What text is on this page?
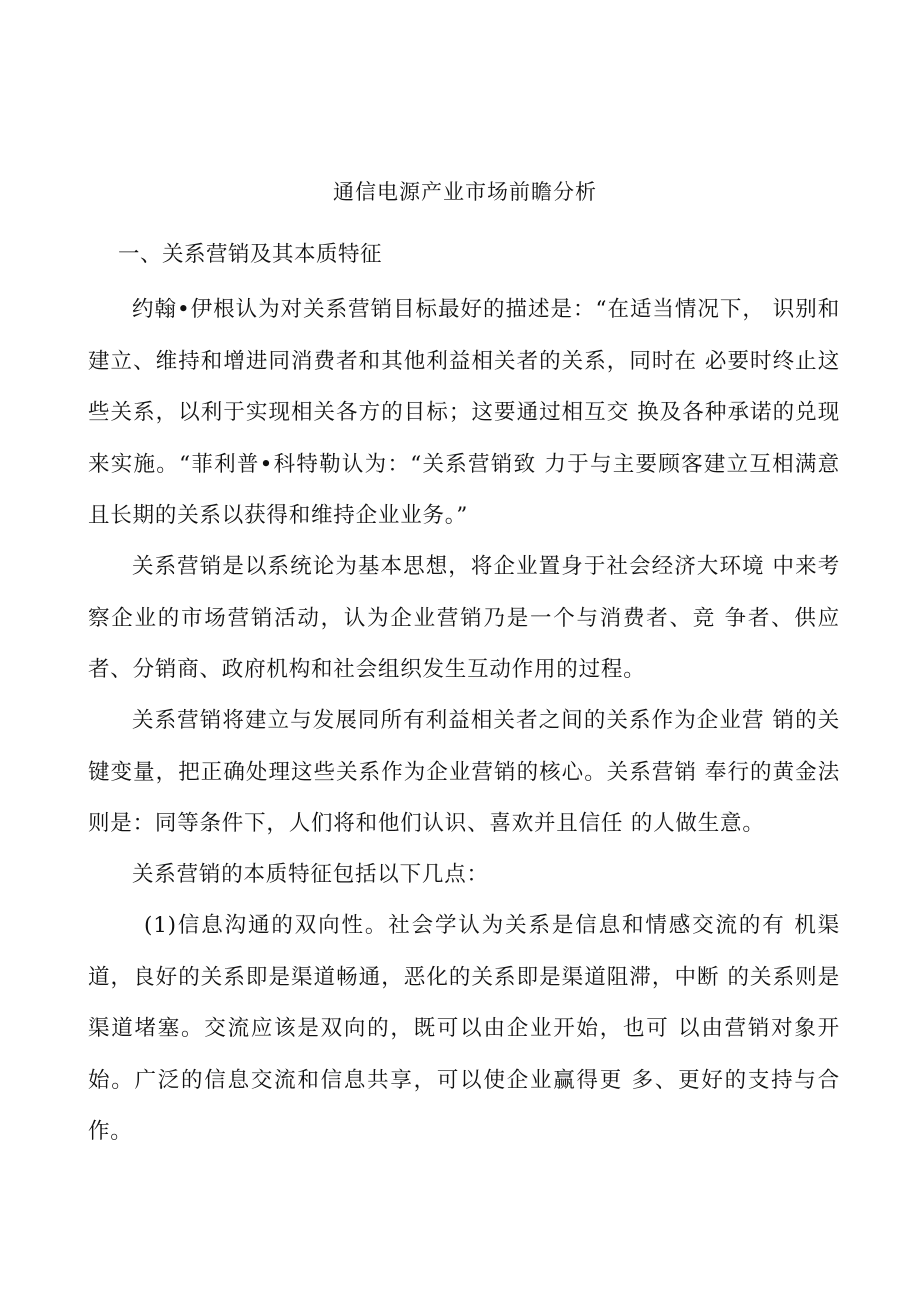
通信电源产业市场前瞻分析
一、关系营销及其本质特征

约翰•伊根认为对关系营销目标最好的描述是：“在适当情况下， 识别和建立、维持和增进同消费者和其他利益相关者的关系，同时在 必要时终止这些关系，以利于实现相关各方的目标；这要通过相互交 换及各种承诺的兑现来实施。“菲利普•科特勒认为：“关系营销致 力于与主要顾客建立互相满意且长期的关系以获得和维持企业业务。”

关系营销是以系统论为基本思想，将企业置身于社会经济大环境 中来考察企业的市场营销活动，认为企业营销乃是一个与消费者、竞 争者、供应者、分销商、政府机构和社会组织发生互动作用的过程。

关系营销将建立与发展同所有利益相关者之间的关系作为企业营 销的关键变量，把正确处理这些关系作为企业营销的核心。关系营销 奉行的黄金法则是：同等条件下，人们将和他们认识、喜欢并且信任 的人做生意。

关系营销的本质特征包括以下几点：

(1)信息沟通的双向性。社会学认为关系是信息和情感交流的有 机渠道，良好的关系即是渠道畅通，恶化的关系即是渠道阻滞，中断 的关系则是渠道堵塞。交流应该是双向的，既可以由企业开始，也可 以由营销对象开始。广泛的信息交流和信息共享，可以使企业赢得更 多、更好的支持与合作。
